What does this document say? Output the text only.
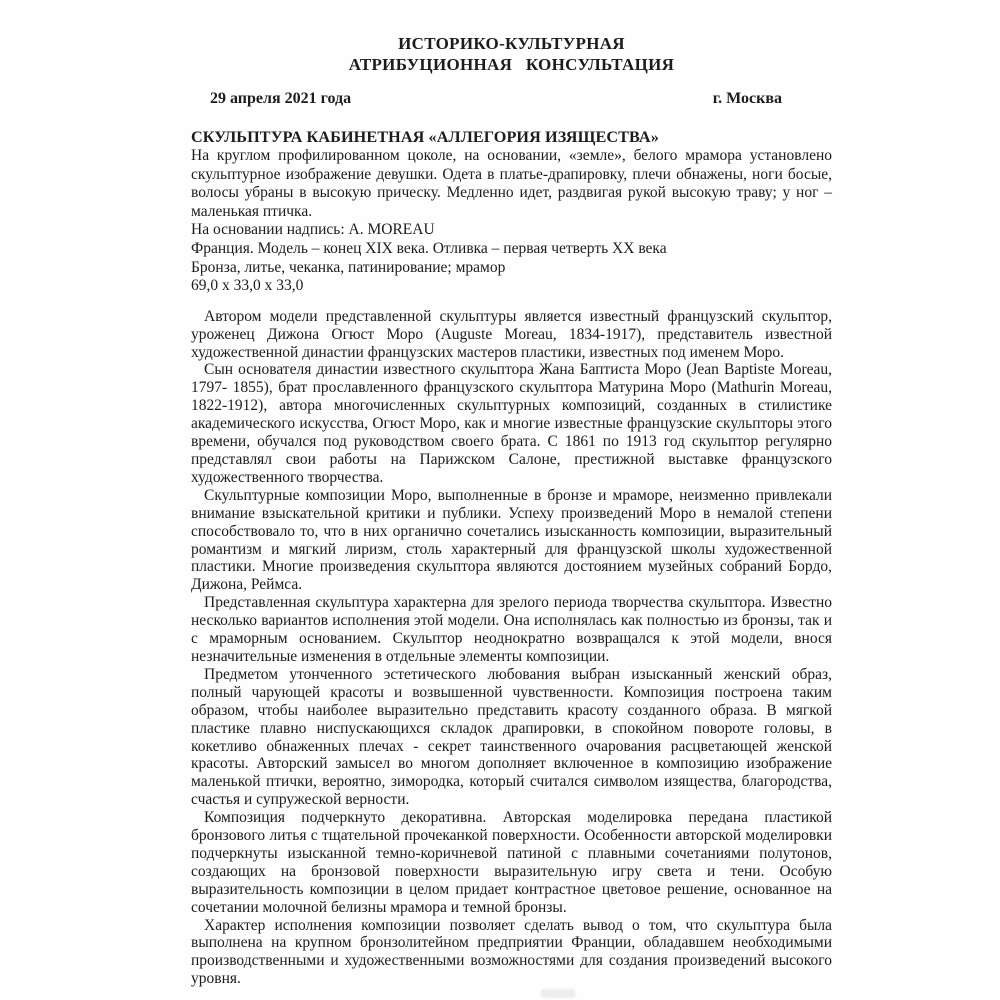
ИСТОРИКО-КУЛЬТУРНАЯ
АТРИБУЦИОННАЯ   КОНСУЛЬТАЦИЯ
29 апреля 2021 года	г. Москва
СКУЛЬПТУРА КАБИНЕТНАЯ «АЛЛЕГОРИЯ ИЗЯЩЕСТВА»

На круглом профилированном цоколе, на основании, «земле», белого мрамора установлено скульптурное изображение девушки. Одета в платье-драпировку, плечи обнажены, ноги босые, волосы убраны в высокую прическу. Медленно идет, раздвигая рукой высокую траву; у ног – маленькая птичка.

На основании надпись: A. MOREAU
Франция. Модель – конец XIX века. Отливка – первая четверть XX века
Бронза, литье, чеканка, патинирование; мрамор
69,0 х 33,0 х 33,0

Автором модели представленной скульптуры является известный французский скульптор, уроженец Дижона Огюст Моро (Auguste Moreau, 1834-1917), представитель известной художественной династии французских мастеров пластики, известных под именем Моро.

Сын основателя династии известного скульптора Жана Баптиста Моро (Jean Baptiste Moreau, 1797- 1855), брат прославленного французского скульптора Матурина Моро (Mathurin Moreau, 1822-1912), автора многочисленных скульптурных композиций, созданных в стилистике академического искусства, Огюст Моро, как и многие известные французские скульпторы этого времени, обучался под руководством своего брата. С 1861 по 1913 год скульптор регулярно представлял свои работы на Парижском Салоне, престижной выставке французского художественного творчества.

Скульптурные композиции Моро, выполненные в бронзе и мраморе, неизменно привлекали внимание взыскательной критики и публики. Успеху произведений Моро в немалой степени способствовало то, что в них органично сочетались изысканность композиции, выразительный романтизм и мягкий лиризм, столь характерный для французской школы художественной пластики. Многие произведения скульптора являются достоянием музейных собраний Бордо, Дижона, Реймса.

Представленная скульптура характерна для зрелого периода творчества скульптора. Известно несколько вариантов исполнения этой модели. Она исполнялась как полностью из бронзы, так и с мраморным основанием. Скульптор неоднократно возвращался к этой модели, внося незначительные изменения в отдельные элементы композиции.

Предметом утонченного эстетического любования выбран изысканный женский образ, полный чарующей красоты и возвышенной чувственности. Композиция построена таким образом, чтобы наиболее выразительно представить красоту созданного образа. В мягкой пластике плавно ниспускающихся складок драпировки, в спокойном повороте головы, в кокетливо обнаженных плечах - секрет таинственного очарования расцветающей женской красоты. Авторский замысел во многом дополняет включенное в композицию изображение маленькой птички, вероятно, зимородка, который считался символом изящества, благородства, счастья и супружеской верности.

Композиция подчеркнуто декоративна. Авторская моделировка передана пластикой бронзового литья с тщательной прочеканкой поверхности. Особенности авторской моделировки подчеркнуты изысканной темно-коричневой патиной с плавными сочетаниями полутонов, создающих на бронзовой поверхности выразительную игру света и тени. Особую выразительность композиции в целом придает контрастное цветовое решение, основанное на сочетании молочной белизны мрамора и темной бронзы.

Характер исполнения композиции позволяет сделать вывод о том, что скульптура была выполнена на крупном бронзолитейном предприятии Франции, обладавшем необходимыми производственными и художественными возможностями для создания произведений высокого уровня.
